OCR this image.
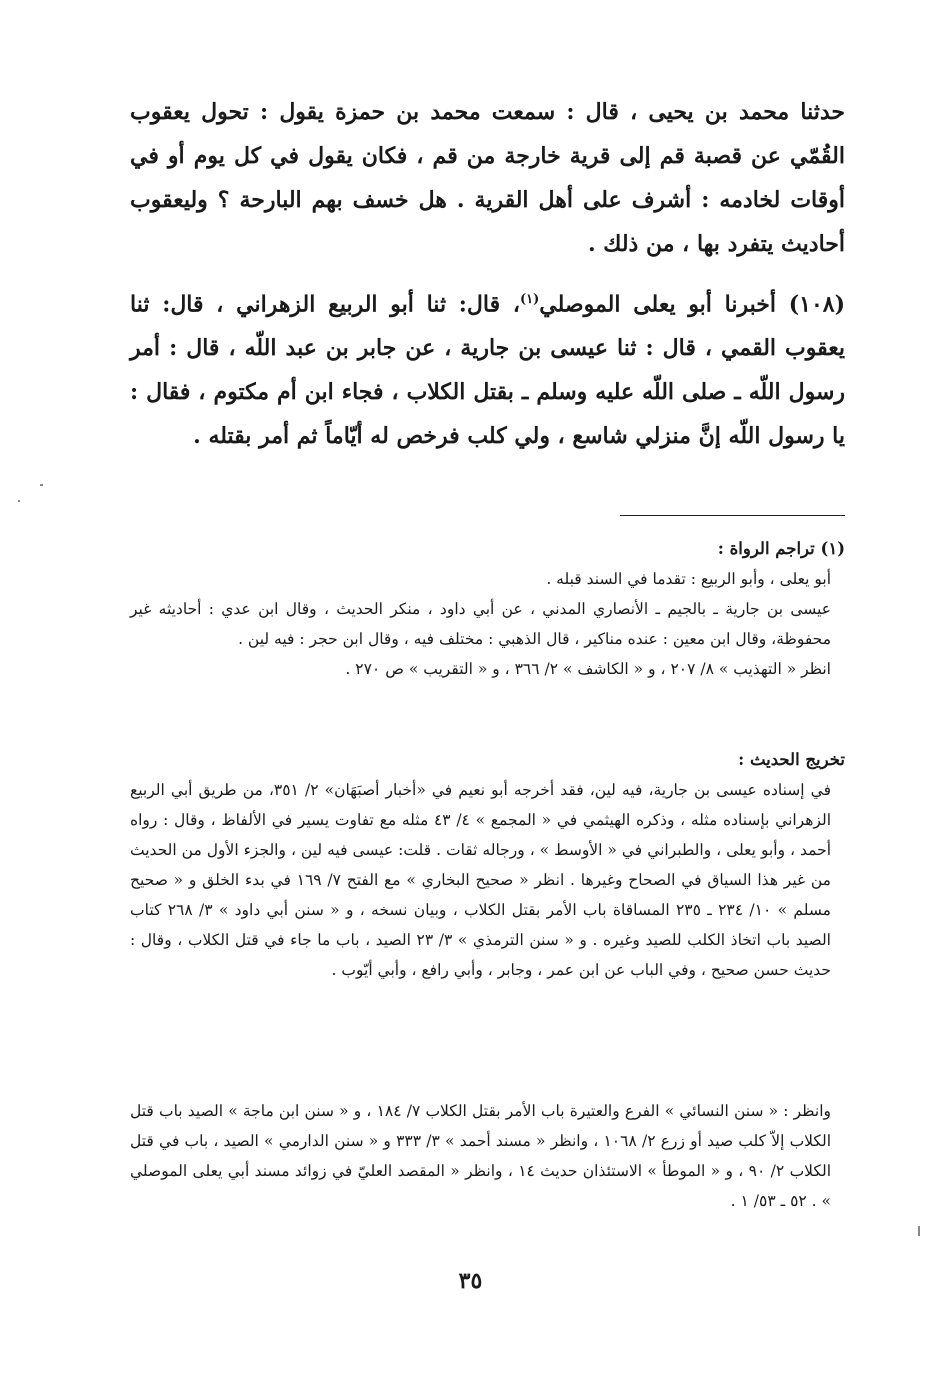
حدثنا محمد بن يحيى ، قال : سمعت محمد بن حمزة يقول : تحول يعقوب القُمّي عن قصبة قم إلى قرية خارجة من قم ، فكان يقول في كل يوم أو في أوقات لخادمه : أشرف على أهل القرية . هل خسف بهم البارحة ؟ وليعقوب أحاديث يتفرد بها ، من ذلك .

(١٠٨) أخبرنا أبو يعلى الموصلي$^{(١)}$، قال: ثنا أبو الربيع الزهراني ، قال: ثنا يعقوب القمي ، قال : ثنا عيسى بن جارية ، عن جابر بن عبد اللّه ، قال : أمر رسول اللّه ـ صلى اللّه عليه وسلم ـ بقتل الكلاب ، فجاء ابن أم مكتوم ، فقال : يا رسول اللّه إنَّ منزلي شاسع ، ولي كلب فرخص له أيّاماً ثم أمر بقتله .

(١) تراجم الرواة :

أبو يعلى ، وأبو الربيع : تقدما في السند قبله .

عيسى بن جارية ـ بالجيم ـ الأنصاري المدني ، عن أبي داود ، منكر الحديث ، وقال ابن عدي : أحاديثه غير محفوظة، وقال ابن معين : عنده مناكير ، قال الذهبي : مختلف فيه ، وقال ابن حجر : فيه لين .

انظر « التهذيب » ٨/ ٢٠٧ ، و « الكاشف » ٢/ ٣٦٦ ، و « التقريب » ص ٢٧٠ .

تخريج الحديث :

في إسناده عيسى بن جارية، فيه لين، فقد أخرجه أبو نعيم في «أخبار أصبَهَان» ٢/ ٣٥١، من طريق أبي الربيع الزهراني بإسناده مثله ، وذكره الهيثمي في « المجمع » ٤/ ٤٣ مثله مع تفاوت يسير في الألفاظ ، وقال : رواه أحمد ، وأبو يعلى ، والطبراني في « الأوسط » ، ورجاله ثقات . قلت: عيسى فيه لين ، والجزء الأول من الحديث من غير هذا السياق في الصحاح وغيرها . انظر « صحيح البخاري » مع الفتح ٧/ ١٦٩ في بدء الخلق و « صحيح مسلم » ١٠/ ٢٣٤ ـ ٢٣٥ المساقاة باب الأمر بقتل الكلاب ، وبيان نسخه ، و « سنن أبي داود » ٣/ ٢٦٨ كتاب الصيد باب اتخاذ الكلب للصيد وغيره . و « سنن الترمذي » ٣/ ٢٣ الصيد ، باب ما جاء في قتل الكلاب ، وقال : حديث حسن صحيح ، وفي الباب عن ابن عمر ، وجابر ، وأبي رافع ، وأبي أيّوب .

وانظر : « سنن النسائي » الفرع والعتيرة باب الأمر بقتل الكلاب ٧/ ١٨٤ ، و « سنن ابن ماجة » الصيد باب قتل الكلاب إلاّ كلب صيد أو زرع ٢/ ١٠٦٨ ، وانظر « مسند أحمد » ٣/ ٣٣٣ و « سنن الدارمي » الصيد ، باب في قتل الكلاب ٢/ ٩٠ ، و « الموطأ » الاستئذان حديث ١٤ ، وانظر « المقصد العليّ في زوائد مسند أبي يعلى الموصلي » . ٥٢ ـ ٥٣/ ١ .

٣٥
